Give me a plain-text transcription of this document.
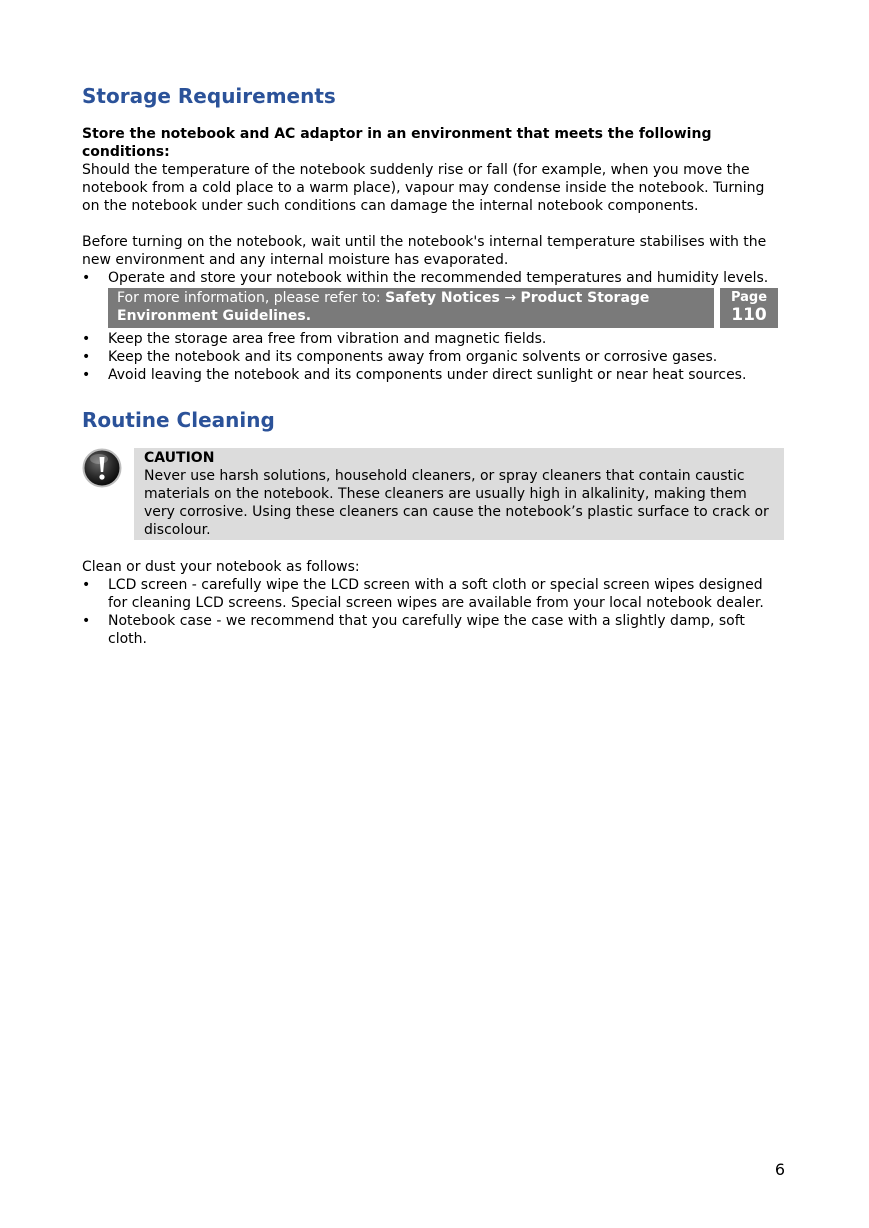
Storage Requirements

Store the notebook and AC adaptor in an environment that meets the following conditions:

Should the temperature of the notebook suddenly rise or fall (for example, when you move the notebook from a cold place to a warm place), vapour may condense inside the notebook. Turning on the notebook under such conditions can damage the internal notebook components.

Before turning on the notebook, wait until the notebook's internal temperature stabilises with the new environment and any internal moisture has evaporated.

• Operate and store your notebook within the recommended temperatures and humidity levels.
For more information, please refer to: Safety Notices → Product Storage Environment Guidelines.
Page
110
• Keep the storage area free from vibration and magnetic fields.
• Keep the notebook and its components away from organic solvents or corrosive gases.
• Avoid leaving the notebook and its components under direct sunlight or near heat sources.
Routine Cleaning
CAUTION
Never use harsh solutions, household cleaners, or spray cleaners that contain caustic materials on the notebook. These cleaners are usually high in alkalinity, making them very corrosive. Using these cleaners can cause the notebook’s plastic surface to crack or discolour.

Clean or dust your notebook as follows:

• LCD screen - carefully wipe the LCD screen with a soft cloth or special screen wipes designed for cleaning LCD screens. Special screen wipes are available from your local notebook dealer.
• Notebook case - we recommend that you carefully wipe the case with a slightly damp, soft cloth.
6
